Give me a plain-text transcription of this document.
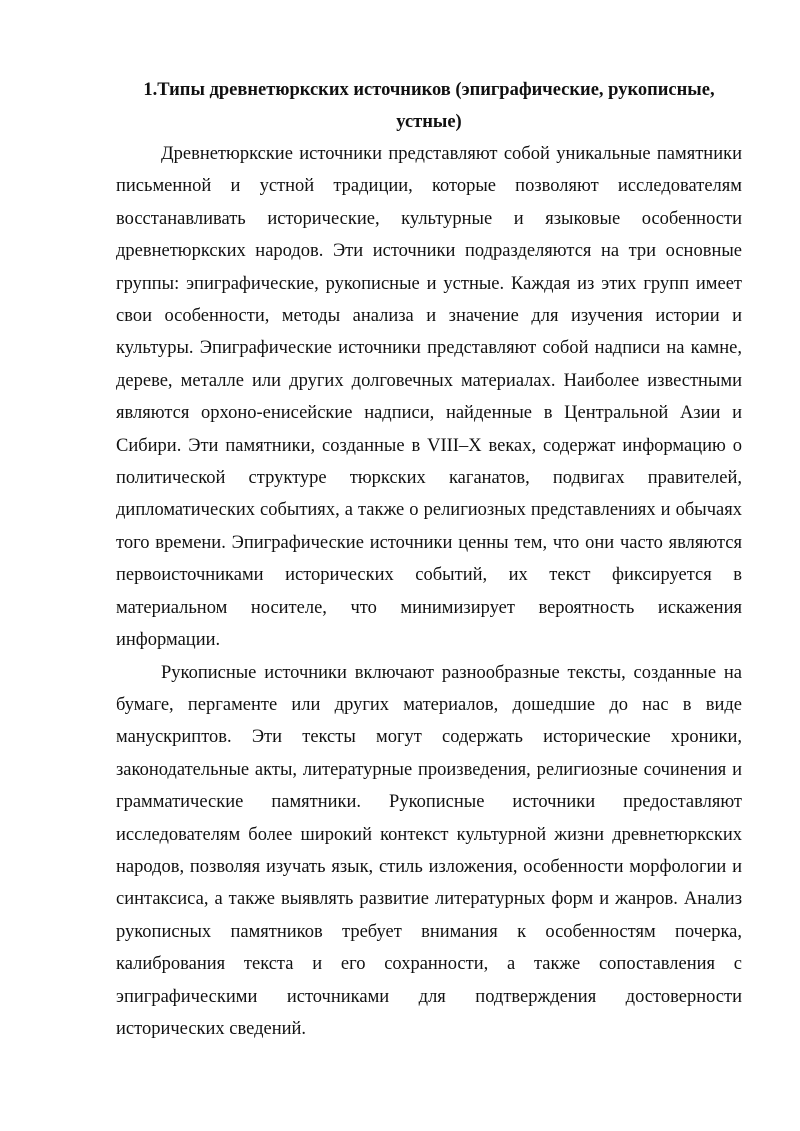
1.Типы древнетюркских источников (эпиграфические, рукописные, устные)

Древнетюркские источники представляют собой уникальные памятники письменной и устной традиции, которые позволяют исследователям восстанавливать исторические, культурные и языковые особенности древнетюркских народов. Эти источники подразделяются на три основные группы: эпиграфические, рукописные и устные. Каждая из этих групп имеет свои особенности, методы анализа и значение для изучения истории и культуры. Эпиграфические источники представляют собой надписи на камне, дереве, металле или других долговечных материалах. Наиболее известными являются орхоно-енисейские надписи, найденные в Центральной Азии и Сибири. Эти памятники, созданные в VIII–X веках, содержат информацию о политической структуре тюркских каганатов, подвигах правителей, дипломатических событиях, а также о религиозных представлениях и обычаях того времени. Эпиграфические источники ценны тем, что они часто являются первоисточниками исторических событий, их текст фиксируется в материальном носителе, что минимизирует вероятность искажения информации.

Рукописные источники включают разнообразные тексты, созданные на бумаге, пергаменте или других материалов, дошедшие до нас в виде манускриптов. Эти тексты могут содержать исторические хроники, законодательные акты, литературные произведения, религиозные сочинения и грамматические памятники. Рукописные источники предоставляют исследователям более широкий контекст культурной жизни древнетюркских народов, позволяя изучать язык, стиль изложения, особенности морфологии и синтаксиса, а также выявлять развитие литературных форм и жанров. Анализ рукописных памятников требует внимания к особенностям почерка, калибрования текста и его сохранности, а также сопоставления с эпиграфическими источниками для подтверждения достоверности исторических сведений.
